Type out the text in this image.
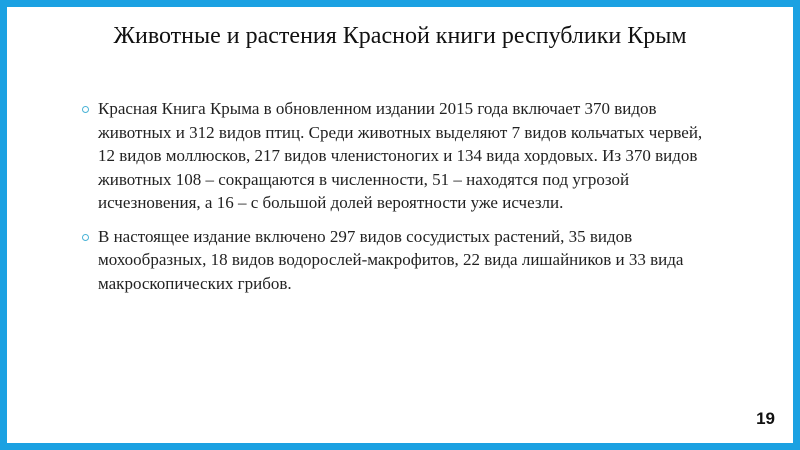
Животные и растения Красной книги республики Крым
Красная Книга Крыма в обновленном издании 2015 года включает 370 видов животных и 312 видов птиц. Среди животных выделяют 7 видов кольчатых червей, 12 видов моллюсков, 217 видов членистоногих и 134 вида хордовых. Из 370 видов животных 108 – сокращаются в численности, 51 – находятся под угрозой исчезновения, а 16 – с большой долей вероятности уже исчезли.
В настоящее издание включено 297 видов сосудистых растений, 35 видов мохообразных, 18 видов водорослей-макрофитов, 22 вида лишайников и 33 вида макроскопических грибов.
19
